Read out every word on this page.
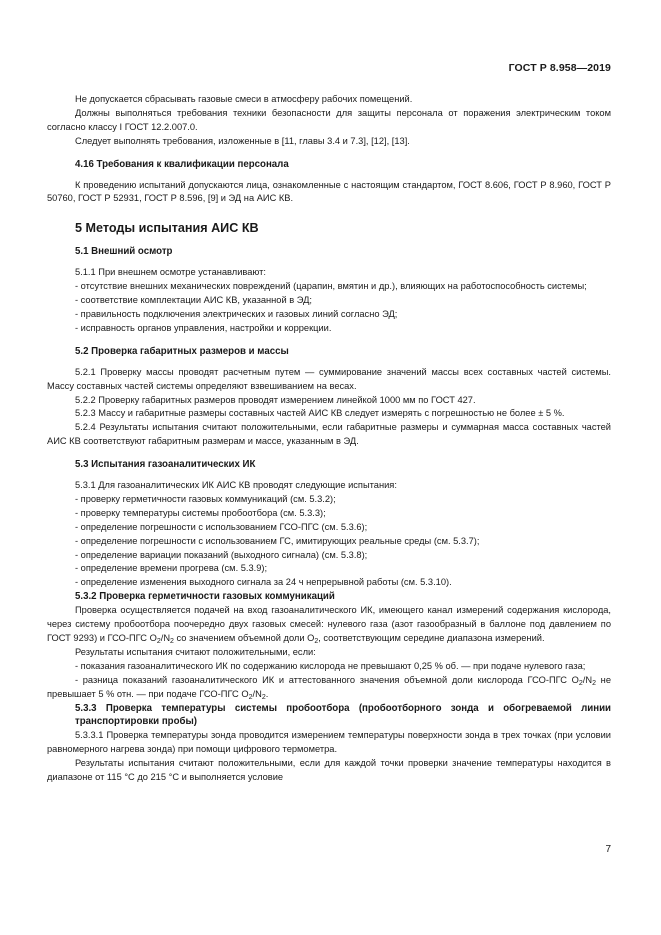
ГОСТ Р 8.958—2019

Не допускается сбрасывать газовые смеси в атмосферу рабочих помещений.

Должны выполняться требования техники безопасности для защиты персонала от поражения электрическим током согласно классу I ГОСТ 12.2.007.0.

Следует выполнять требования, изложенные в [11, главы 3.4 и 7.3], [12], [13].

4.16 Требования к квалификации персонала

К проведению испытаний допускаются лица, ознакомленные с настоящим стандартом, ГОСТ 8.606, ГОСТ Р 8.960, ГОСТ Р 50760, ГОСТ Р 52931, ГОСТ Р 8.596, [9] и ЭД на АИС КВ.

5 Методы испытания АИС КВ
5.1 Внешний осмотр

5.1.1 При внешнем осмотре устанавливают:

- отсутствие внешних механических повреждений (царапин, вмятин и др.), влияющих на работоспособность системы;

- соответствие комплектации АИС КВ, указанной в ЭД;

- правильность подключения электрических и газовых линий согласно ЭД;

- исправность органов управления, настройки и коррекции.

5.2 Проверка габаритных размеров и массы

5.2.1 Проверку массы проводят расчетным путем — суммирование значений массы всех составных частей системы. Массу составных частей системы определяют взвешиванием на весах.

5.2.2 Проверку габаритных размеров проводят измерением линейкой 1000 мм по ГОСТ 427.

5.2.3 Массу и габаритные размеры составных частей АИС КВ следует измерять с погрешностью не более ± 5 %.

5.2.4 Результаты испытания считают положительными, если габаритные размеры и суммарная масса составных частей АИС КВ соответствуют габаритным размерам и массе, указанным в ЭД.

5.3 Испытания газоаналитических ИК

5.3.1 Для газоаналитических ИК АИС КВ проводят следующие испытания:

- проверку герметичности газовых коммуникаций (см. 5.3.2);

- проверку температуры системы пробоотбора (см. 5.3.3);

- определение погрешности с использованием ГСО-ПГС (см. 5.3.6);

- определение погрешности с использованием ГС, имитирующих реальные среды (см. 5.3.7);

- определение вариации показаний (выходного сигнала) (см. 5.3.8);

- определение времени прогрева (см. 5.3.9);

- определение изменения выходного сигнала за 24 ч непрерывной работы (см. 5.3.10).

5.3.2 Проверка герметичности газовых коммуникаций

Проверка осуществляется подачей на вход газоаналитического ИК, имеющего канал измерений содержания кислорода, через систему пробоотбора поочередно двух газовых смесей: нулевого газа (азот газообразный в баллоне под давлением по ГОСТ 9293) и ГСО-ПГС $O_2/N_2$ со значением объемной доли $O_2$, соответствующим середине диапазона измерений.

Результаты испытания считают положительными, если:

- показания газоаналитического ИК по содержанию кислорода не превышают 0,25 % об. — при подаче нулевого газа;

- разница показаний газоаналитического ИК и аттестованного значения объемной доли кислорода ГСО-ПГС $O_2/N_2$ не превышает 5 % отн. — при подаче ГСО-ПГС $O_2/N_2$.

5.3.3 Проверка температуры системы пробоотбора (пробоотборного зонда и обогреваемой линии транспортировки пробы)

5.3.3.1 Проверка температуры зонда проводится измерением температуры поверхности зонда в трех точках (при условии равномерного нагрева зонда) при помощи цифрового термометра.

Результаты испытания считают положительными, если для каждой точки проверки значение температуры находится в диапазоне от 115 °С до 215 °С и выполняется условие

7
